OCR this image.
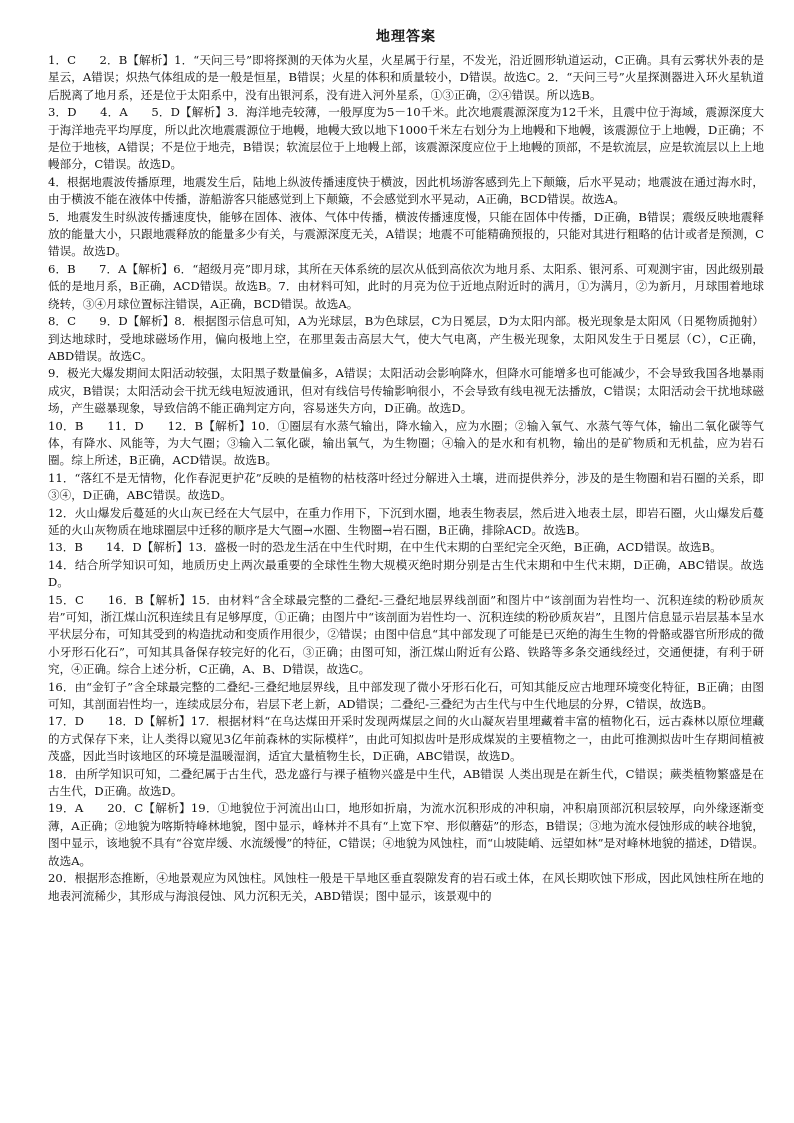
地理答案

1．C　　2．B【解析】1．“天问三号”即将探测的天体为火星，火星属于行星，不发光，沿近圆形轨道运动，C正确。具有云雾状外表的是星云，A错误；炽热气体组成的是一般是恒星，B错误；火星的体积和质量较小，D错误。故选C。2．“天问三号”火星探测器进入环火星轨道后脱离了地月系，还是位于太阳系中，没有出银河系，没有进入河外星系，①③正确，②④错误。所以选B。

3．D　　4．A　　5．D【解析】3．海洋地壳较薄，一般厚度为5－10千米。此次地震震源深度为12千米，且震中位于海域，震源深度大于海洋地壳平均厚度，所以此次地震震源位于地幔，地幔大致以地下1000千米左右划分为上地幔和下地幔，该震源位于上地幔，D正确；不是位于地核，A错误；不是位于地壳，B错误；软流层位于上地幔上部，该震源深度应位于上地幔的顶部，不是软流层，应是软流层以上上地幔部分，C错误。故选D。

4．根据地震波传播原理，地震发生后，陆地上纵波传播速度快于横波，因此机场游客感到先上下颠簸，后水平晃动；地震波在通过海水时，由于横波不能在液体中传播，游船游客只能感觉到上下颠簸，不会感觉到水平晃动，A正确，BCD错误。故选A。

5．地震发生时纵波传播速度快，能够在固体、液体、气体中传播，横波传播速度慢，只能在固体中传播，D正确，B错误；震级反映地震释放的能量大小，只跟地震释放的能量多少有关，与震源深度无关，A错误；地震不可能精确预报的，只能对其进行粗略的估计或者是预测，C错误。故选D。

6．B　　7．A【解析】6．“超级月亮”即月球，其所在天体系统的层次从低到高依次为地月系、太阳系、银河系、可观测宇宙，因此级别最低的是地月系，B正确，ACD错误。故选B。7．由材料可知，此时的月亮为位于近地点附近时的满月，①为满月，②为新月，月球围着地球绕转，③④月球位置标注错误，A正确，BCD错误。故选A。

8．C　　9．D【解析】8．根据图示信息可知，A为光球层，B为色球层，C为日冕层，D为太阳内部。极光现象是太阳风（日冕物质抛射）到达地球时，受地球磁场作用，偏向极地上空，在那里轰击高层大气，使大气电离，产生极光现象，太阳风发生于日冕层（C），C正确，ABD错误。故选C。

9．极光大爆发期间太阳活动较强，太阳黑子数量偏多，A错误；太阳活动会影响降水，但降水可能增多也可能减少，不会导致我国各地暴雨成灾，B错误；太阳活动会干扰无线电短波通讯，但对有线信号传输影响很小，不会导致有线电视无法播放，C错误；太阳活动会干扰地球磁场，产生磁暴现象，导致信鸽不能正确判定方向，容易迷失方向，D正确。故选D。

10．B　　11．D　　12．B【解析】10．①圈层有水蒸气输出，降水输入，应为水圈；②输入氧气、水蒸气等气体，输出二氧化碳等气体，有降水、风能等，为大气圈；③输入二氧化碳，输出氧气，为生物圈；④输入的是水和有机物，输出的是矿物质和无机盐，应为岩石圈。综上所述，B正确，ACD错误。故选B。

11．“落红不是无情物，化作春泥更护花”反映的是植物的枯枝落叶经过分解进入土壤，进而提供养分，涉及的是生物圈和岩石圈的关系，即③④，D正确，ABC错误。故选D。

12．火山爆发后蔓延的火山灰已经在大气层中，在重力作用下，下沉到水圈，地表生物表层，然后进入地表土层，即岩石圈，火山爆发后蔓延的火山灰物质在地球圈层中迁移的顺序是大气圈→水圈、生物圈→岩石圈，B正确，排除ACD。故选B。

13．B　　14．D【解析】13．盛极一时的恐龙生活在中生代时期，在中生代末期的白垩纪完全灭绝，B正确，ACD错误。故选B。

14．结合所学知识可知，地质历史上两次最重要的全球性生物大规模灭绝时期分别是古生代末期和中生代末期，D正确，ABC错误。故选D。

15．C　　16．B【解析】15．由材料“含全球最完整的二叠纪-三叠纪地层界线剖面”和图片中“该剖面为岩性均一、沉积连续的粉砂质灰岩”可知，浙江煤山沉积连续且有足够厚度，①正确；由图片中“该剖面为岩性均一、沉积连续的粉砂质灰岩”，且图片信息显示岩层基本呈水平状层分布，可知其受到的构造扰动和变质作用很少，②错误；由图中信息“其中部发现了可能是已灭绝的海生生物的骨骼或器官所形成的微小牙形石化石”，可知其具备保存较完好的化石，③正确；由图可知，浙江煤山附近有公路、铁路等多条交通线经过，交通便捷，有利于研究，④正确。综合上述分析，C正确，A、B、D错误，故选C。

16．由“金钉子”含全球最完整的二叠纪-三叠纪地层界线，且中部发现了微小牙形石化石，可知其能反应古地理环境变化特征，B正确；由图可知，其剖面岩性均一，连续成层分布，岩层下老上新，AD错误；二叠纪-三叠纪为古生代与中生代地层的分界，C错误，故选B。

17．D　　18．D【解析】17．根据材料“在乌达煤田开采时发现两煤层之间的火山凝灰岩里埋藏着丰富的植物化石，远古森林以原位埋藏的方式保存下来，让人类得以窥见3亿年前森林的实际模样”，由此可知拟齿叶是形成煤炭的主要植物之一，由此可推测拟齿叶生存期间植被茂盛，因此当时该地区的环境是温暖湿润，适宜大量植物生长，D正确，ABC错误，故选D。

18．由所学知识可知，二叠纪属于古生代，恐龙盛行与裸子植物兴盛是中生代，AB错误 人类出现是在新生代，C错误；蕨类植物繁盛是在古生代，D正确。故选D。

19．A　　20．C【解析】19．①地貌位于河流出山口，地形如折扇，为流水沉积形成的冲积扇，冲积扇顶部沉积层较厚，向外缘逐渐变薄，A正确；②地貌为喀斯特峰林地貌，图中显示，峰林并不具有“上宽下窄、形似蘑菇”的形态，B错误；③地为流水侵蚀形成的峡谷地貌，图中显示，该地貌不具有“谷宽岸缓、水流缓慢”的特征，C错误；④地貌为风蚀柱，而“山坡陡峭、远望如林”是对峰林地貌的描述，D错误。故选A。

20．根据形态推断，④地景观应为风蚀柱。风蚀柱一般是干旱地区垂直裂隙发育的岩石或土体，在风长期吹蚀下形成，因此风蚀柱所在地的地表河流稀少，其形成与海浪侵蚀、风力沉积无关，ABD错误；图中显示，该景观中的
